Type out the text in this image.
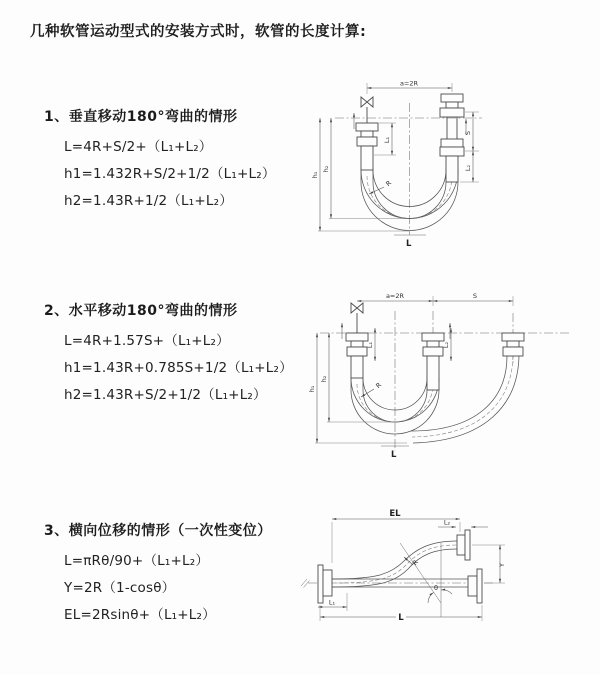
几种软管运动型式的安装方式时，软管的长度计算:
1、垂直移动180°弯曲的情形
L=4R+S/2+（L₁+L₂）
h1=1.432R+S/2+1/2（L₁+L₂）
h2=1.43R+1/2（L₁+L₂）
2、水平移动180°弯曲的情形
L=4R+1.57S+（L₁+L₂）
h1=1.43R+0.785S+1/2（L₁+L₂）
h2=1.43R+S/2+1/2（L₁+L₂）
3、横向位移的情形（一次性变位）
L=πRθ/90+（L₁+L₂）
Y=2R（1-cosθ）
EL=2Rsinθ+（L₁+L₂）
a=2R
S
L₂
L₁
h₁
h₂
R
L
a=2R	S
h₁
h₂
L₁	L₂
R
L
θ
EL
L₂
Y
R
L
L₁
